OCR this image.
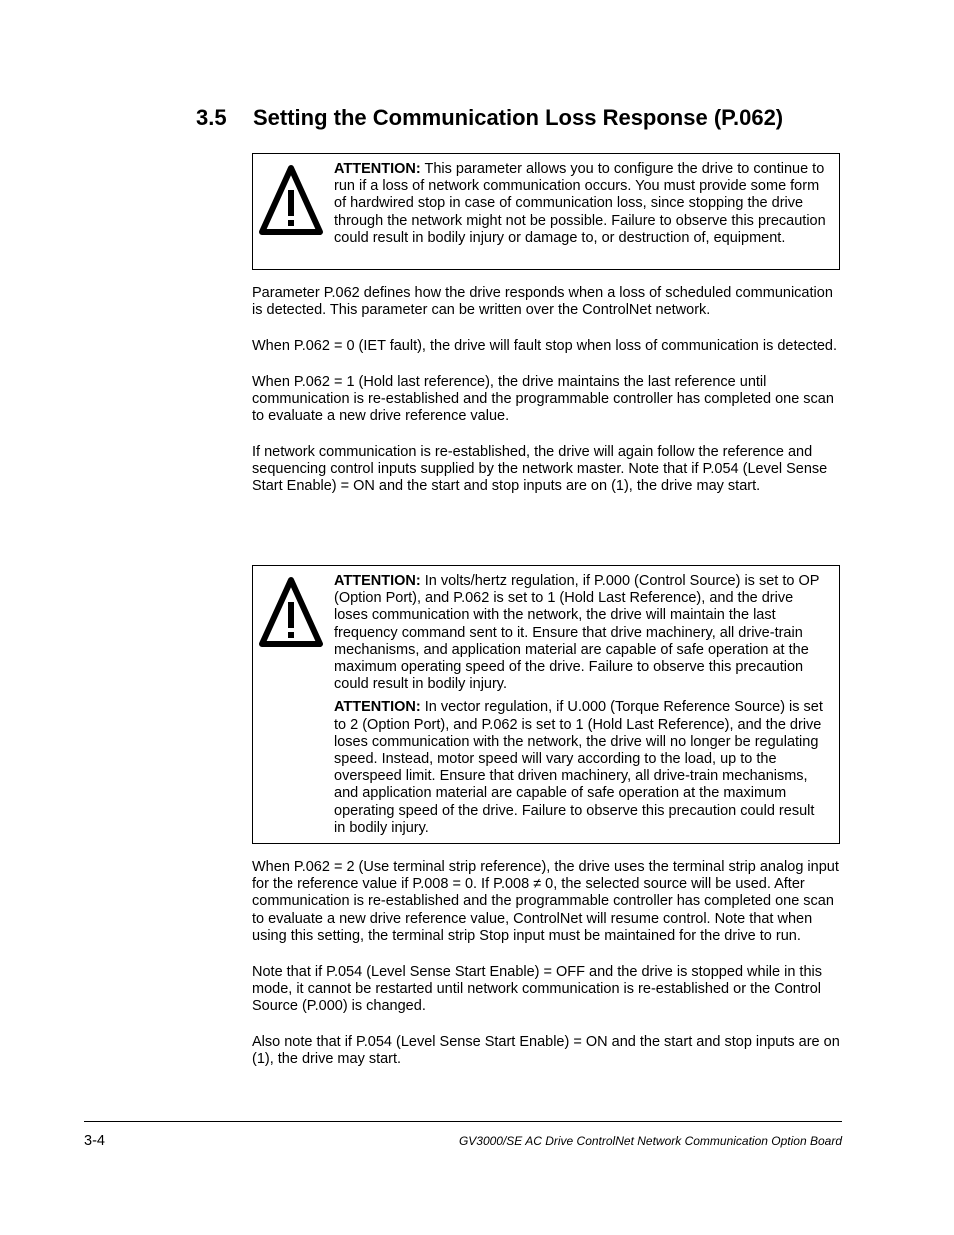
3.5 Setting the Communication Loss Response (P.062)

ATTENTION: This parameter allows you to configure the drive to continue to run if a loss of network communication occurs. You must provide some form of hardwired stop in case of communication loss, since stopping the drive through the network might not be possible. Failure to observe this precaution could result in bodily injury or damage to, or destruction of, equipment.

Parameter P.062 defines how the drive responds when a loss of scheduled communication is detected. This parameter can be written over the ControlNet network.

When P.062 = 0 (IET fault), the drive will fault stop when loss of communication is detected.

When P.062 = 1 (Hold last reference), the drive maintains the last reference until communication is re-established and the programmable controller has completed one scan to evaluate a new drive reference value.

If network communication is re-established, the drive will again follow the reference and sequencing control inputs supplied by the network master. Note that if P.054 (Level Sense Start Enable) = ON and the start and stop inputs are on (1), the drive may start.

ATTENTION: In volts/hertz regulation, if P.000 (Control Source) is set to OP (Option Port), and P.062 is set to 1 (Hold Last Reference), and the drive loses communication with the network, the drive will maintain the last frequency command sent to it. Ensure that drive machinery, all drive-train mechanisms, and application material are capable of safe operation at the maximum operating speed of the drive. Failure to observe this precaution could result in bodily injury.

ATTENTION: In vector regulation, if U.000 (Torque Reference Source) is set to 2 (Option Port), and P.062 is set to 1 (Hold Last Reference), and the drive loses communication with the network, the drive will no longer be regulating speed. Instead, motor speed will vary according to the load, up to the overspeed limit. Ensure that driven machinery, all drive-train mechanisms, and application material are capable of safe operation at the maximum operating speed of the drive. Failure to observe this precaution could result in bodily injury.

When P.062 = 2 (Use terminal strip reference), the drive uses the terminal strip analog input for the reference value if P.008 = 0. If P.008 ≠ 0, the selected source will be used. After communication is re-established and the programmable controller has completed one scan to evaluate a new drive reference value, ControlNet will resume control. Note that when using this setting, the terminal strip Stop input must be maintained for the drive to run.

Note that if P.054 (Level Sense Start Enable) = OFF and the drive is stopped while in this mode, it cannot be restarted until network communication is re-established or the Control Source (P.000) is changed.

Also note that if P.054 (Level Sense Start Enable) = ON and the start and stop inputs are on (1), the drive may start.

3-4	GV3000/SE AC Drive ControlNet Network Communication Option Board
